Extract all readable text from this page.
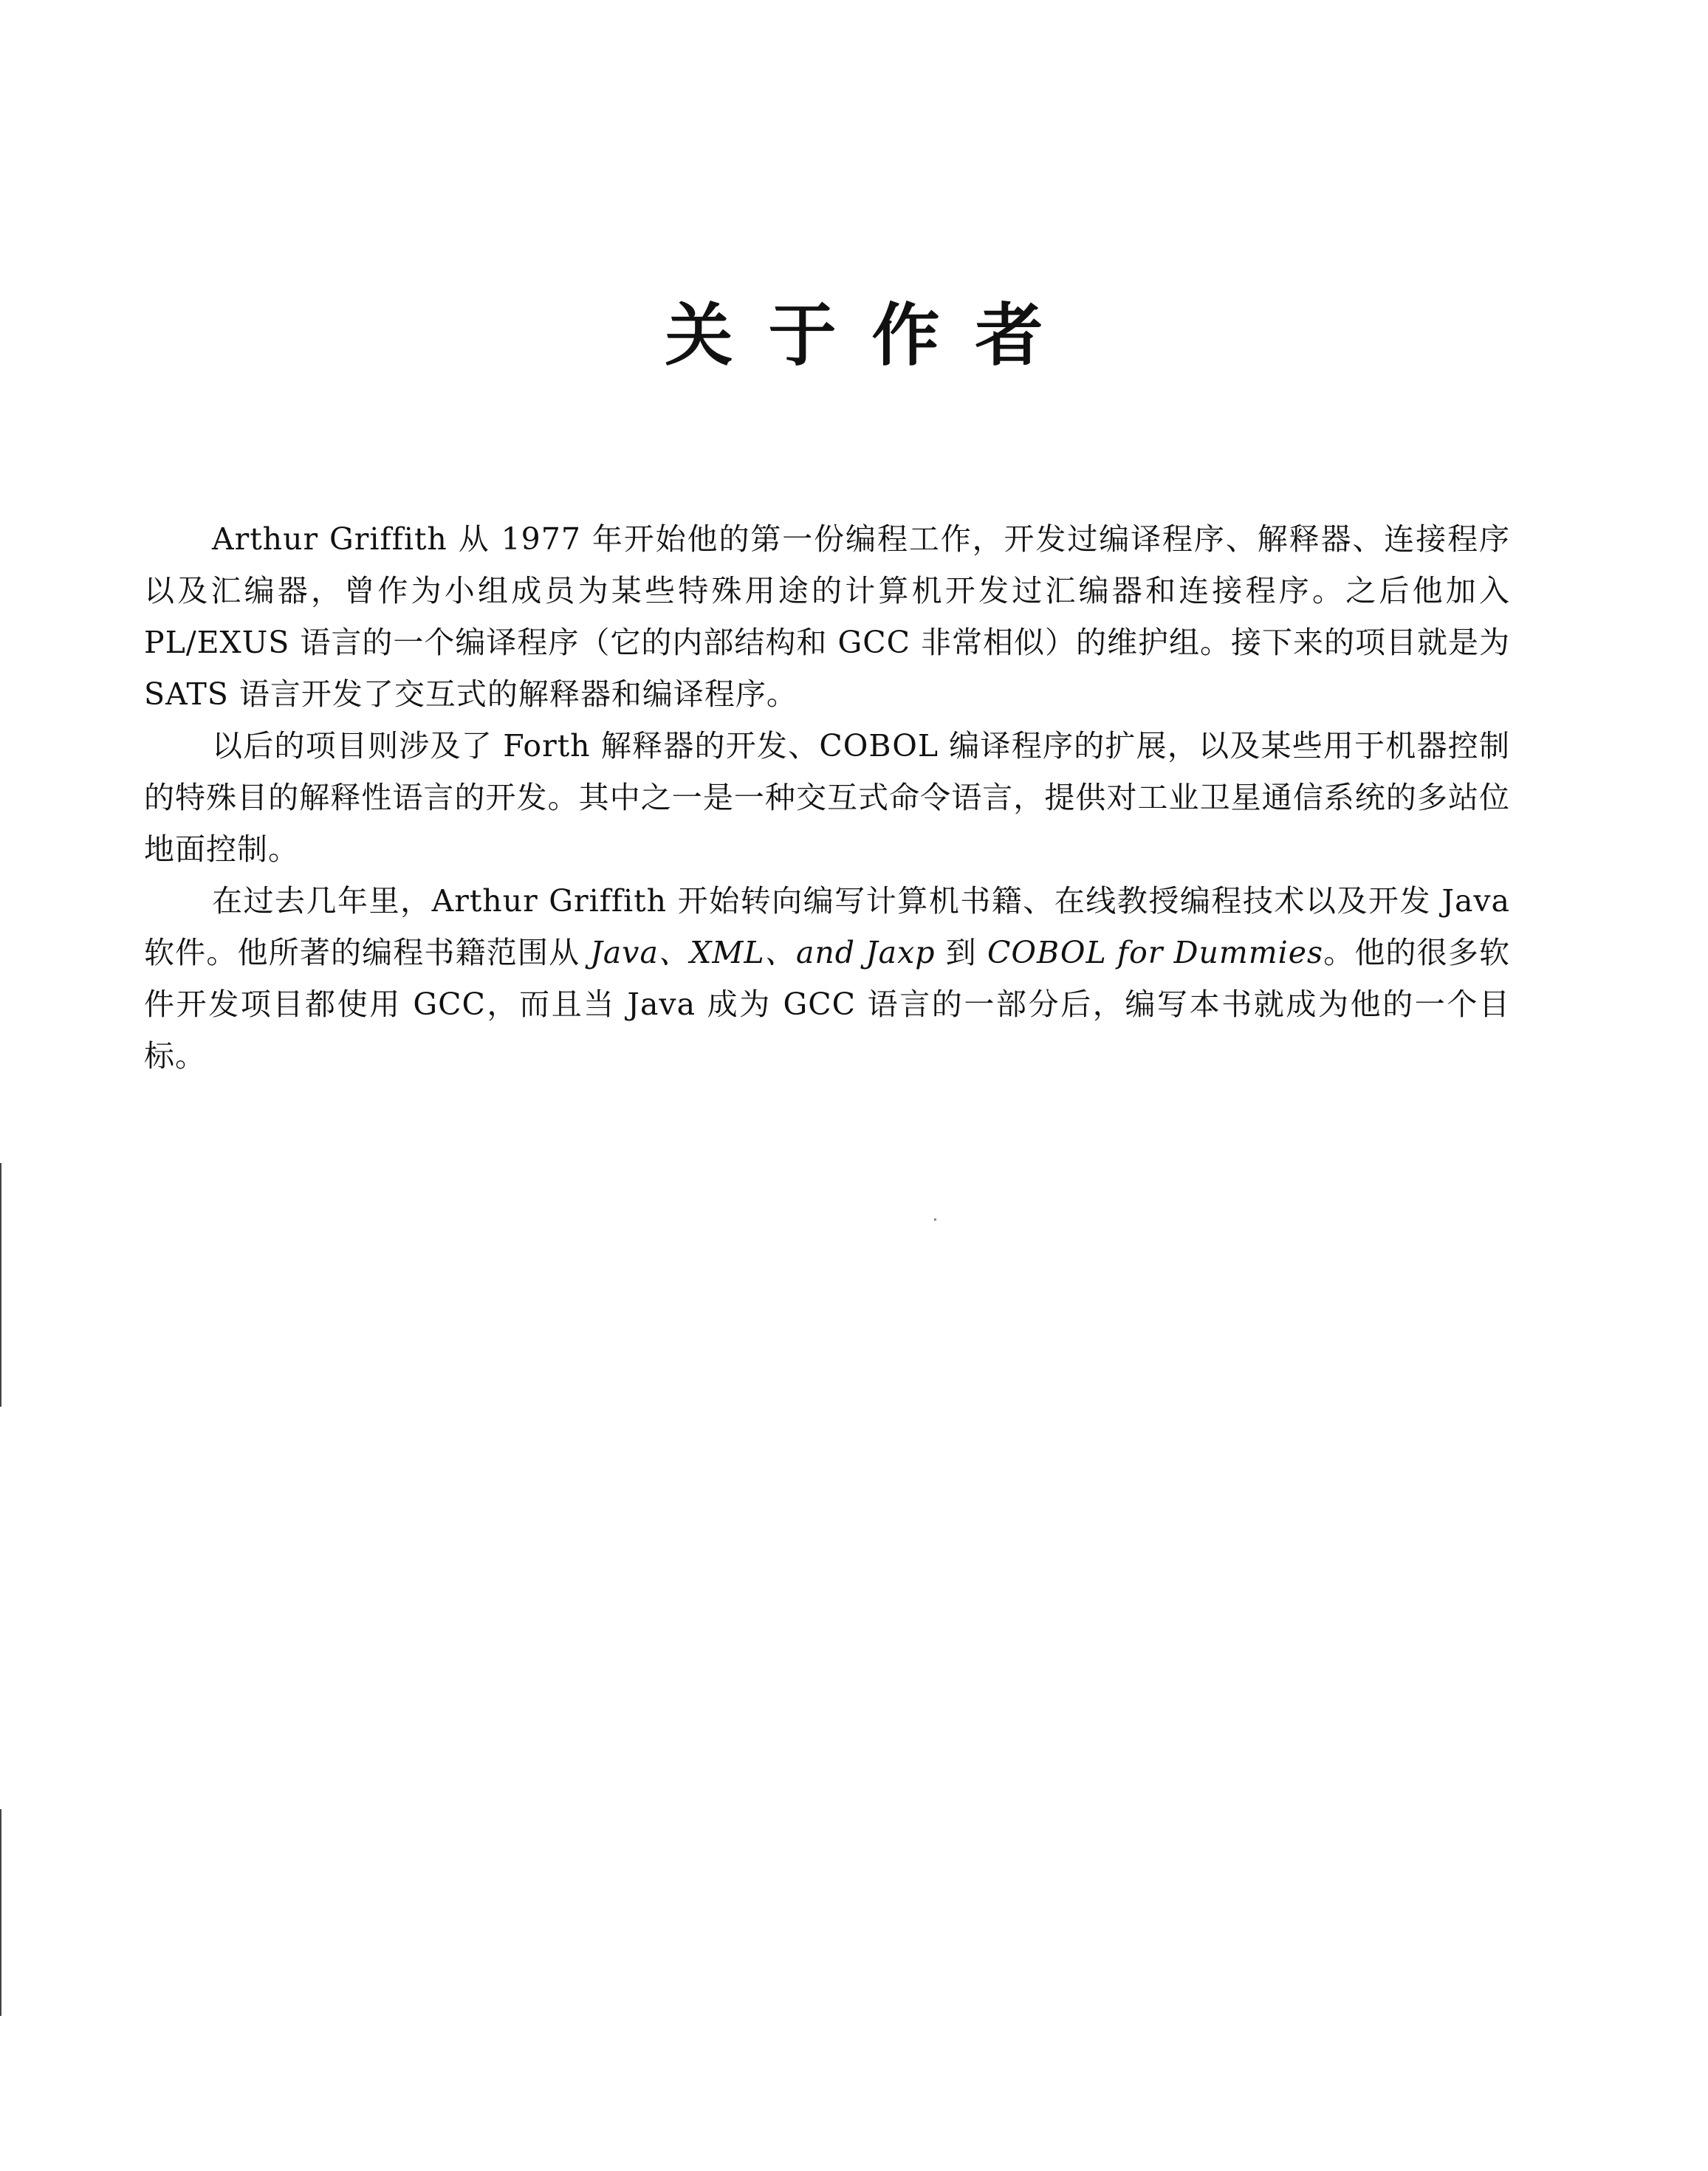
关于作者

Arthur Griffith 从 1977 年开始他的第一份编程工作，开发过编译程序、解释器、连接程序以及汇编器，曾作为小组成员为某些特殊用途的计算机开发过汇编器和连接程序。之后他加入 PL/EXUS 语言的一个编译程序（它的内部结构和 GCC 非常相似）的维护组。接下来的项目就是为 SATS 语言开发了交互式的解释器和编译程序。

以后的项目则涉及了 Forth 解释器的开发、COBOL 编译程序的扩展，以及某些用于机器控制的特殊目的解释性语言的开发。其中之一是一种交互式命令语言，提供对工业卫星通信系统的多站位地面控制。

在过去几年里，Arthur Griffith 开始转向编写计算机书籍、在线教授编程技术以及开发 Java 软件。他所著的编程书籍范围从 Java、XML、and Jaxp 到 COBOL for Dummies。他的很多软件开发项目都使用 GCC，而且当 Java 成为 GCC 语言的一部分后，编写本书就成为他的一个目标。
